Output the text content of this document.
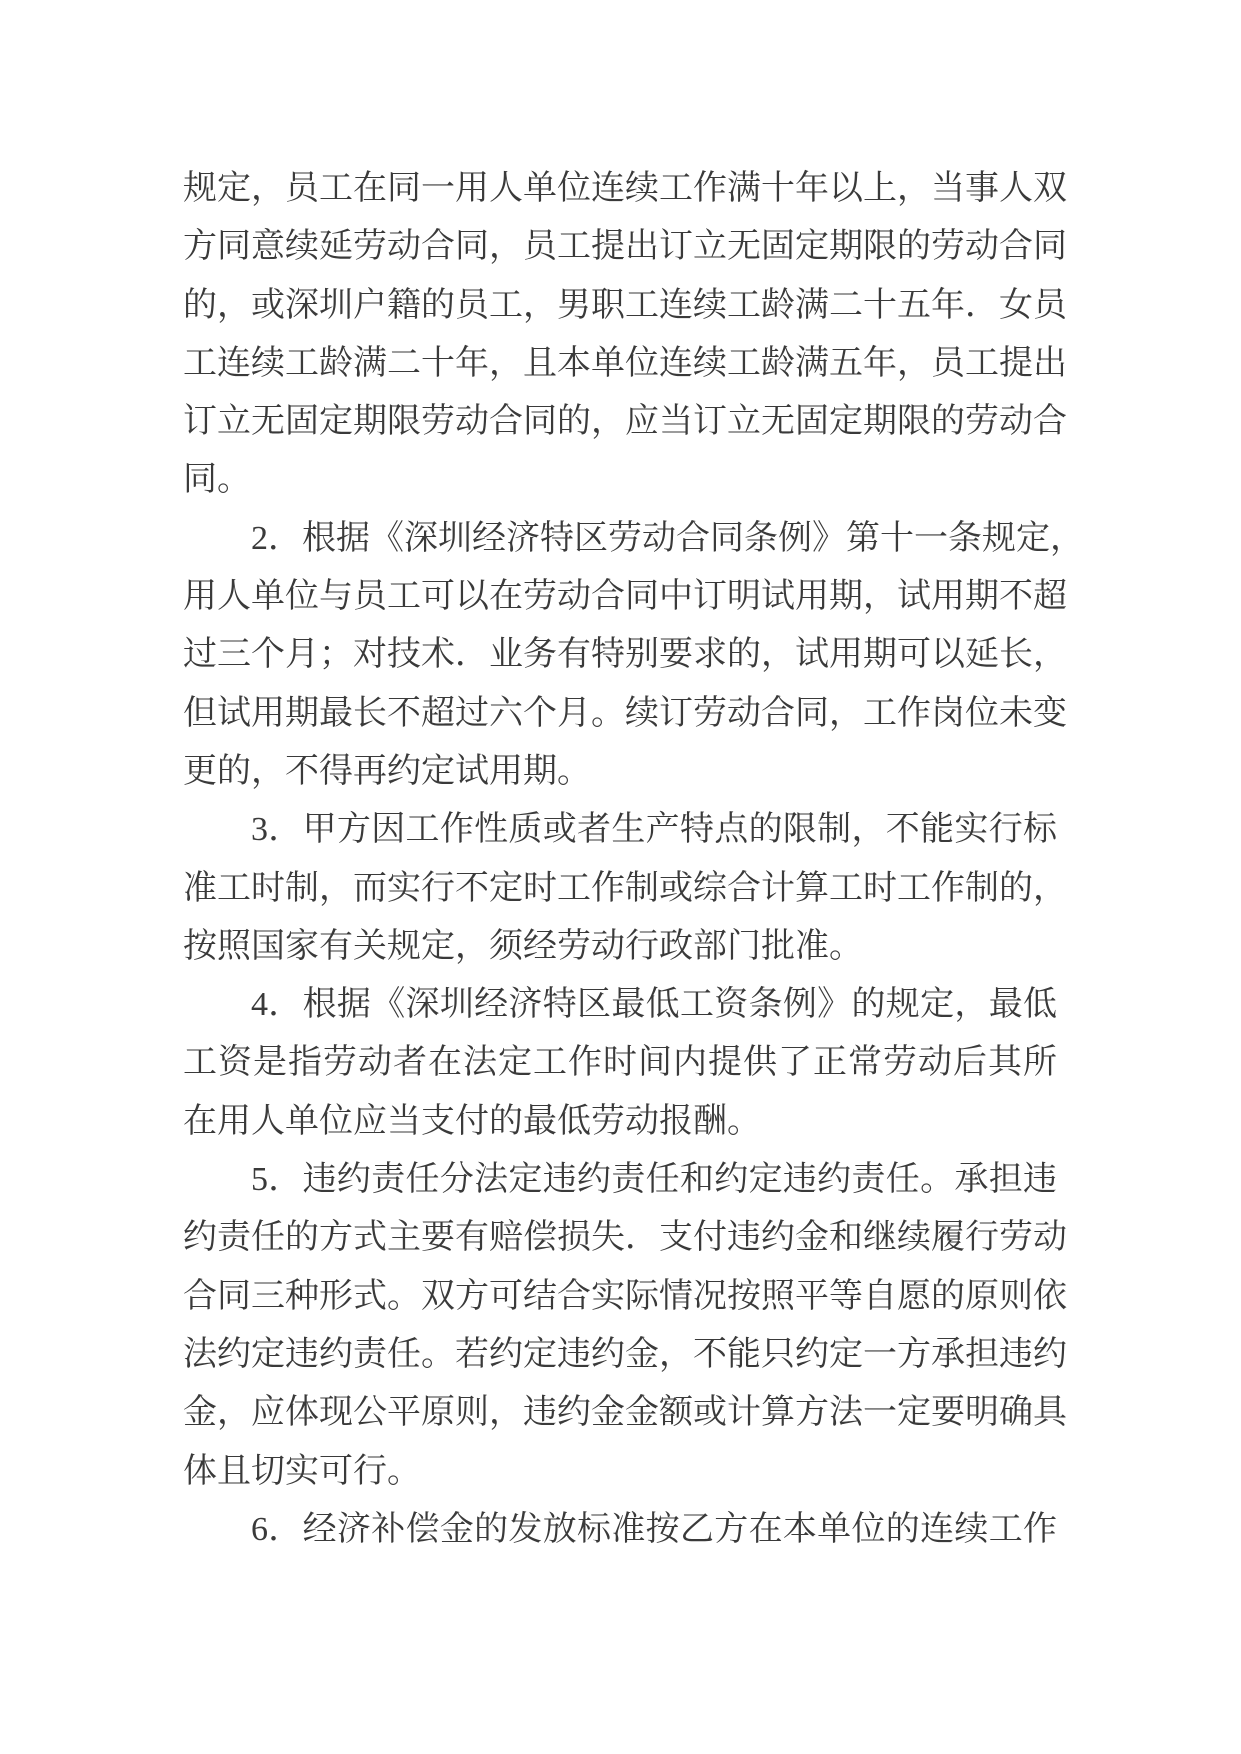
规定，员工在同一用人单位连续工作满十年以上，当事人双
方同意续延劳动合同，员工提出订立无固定期限的劳动合同
的，或深圳户籍的员工，男职工连续工龄满二十五年．女员
工连续工龄满二十年，且本单位连续工龄满五年，员工提出
订立无固定期限劳动合同的，应当订立无固定期限的劳动合
同。
2．根据《深圳经济特区劳动合同条例》第十一条规定，
用人单位与员工可以在劳动合同中订明试用期，试用期不超
过三个月；对技术．业务有特别要求的，试用期可以延长，
但试用期最长不超过六个月。续订劳动合同，工作岗位未变
更的，不得再约定试用期。
3．甲方因工作性质或者生产特点的限制，不能实行标
准工时制，而实行不定时工作制或综合计算工时工作制的，
按照国家有关规定，须经劳动行政部门批准。
4．根据《深圳经济特区最低工资条例》的规定，最低
工资是指劳动者在法定工作时间内提供了正常劳动后其所
在用人单位应当支付的最低劳动报酬。
5．违约责任分法定违约责任和约定违约责任。承担违
约责任的方式主要有赔偿损失．支付违约金和继续履行劳动
合同三种形式。双方可结合实际情况按照平等自愿的原则依
法约定违约责任。若约定违约金，不能只约定一方承担违约
金，应体现公平原则，违约金金额或计算方法一定要明确具
体且切实可行。
6．经济补偿金的发放标准按乙方在本单位的连续工作
